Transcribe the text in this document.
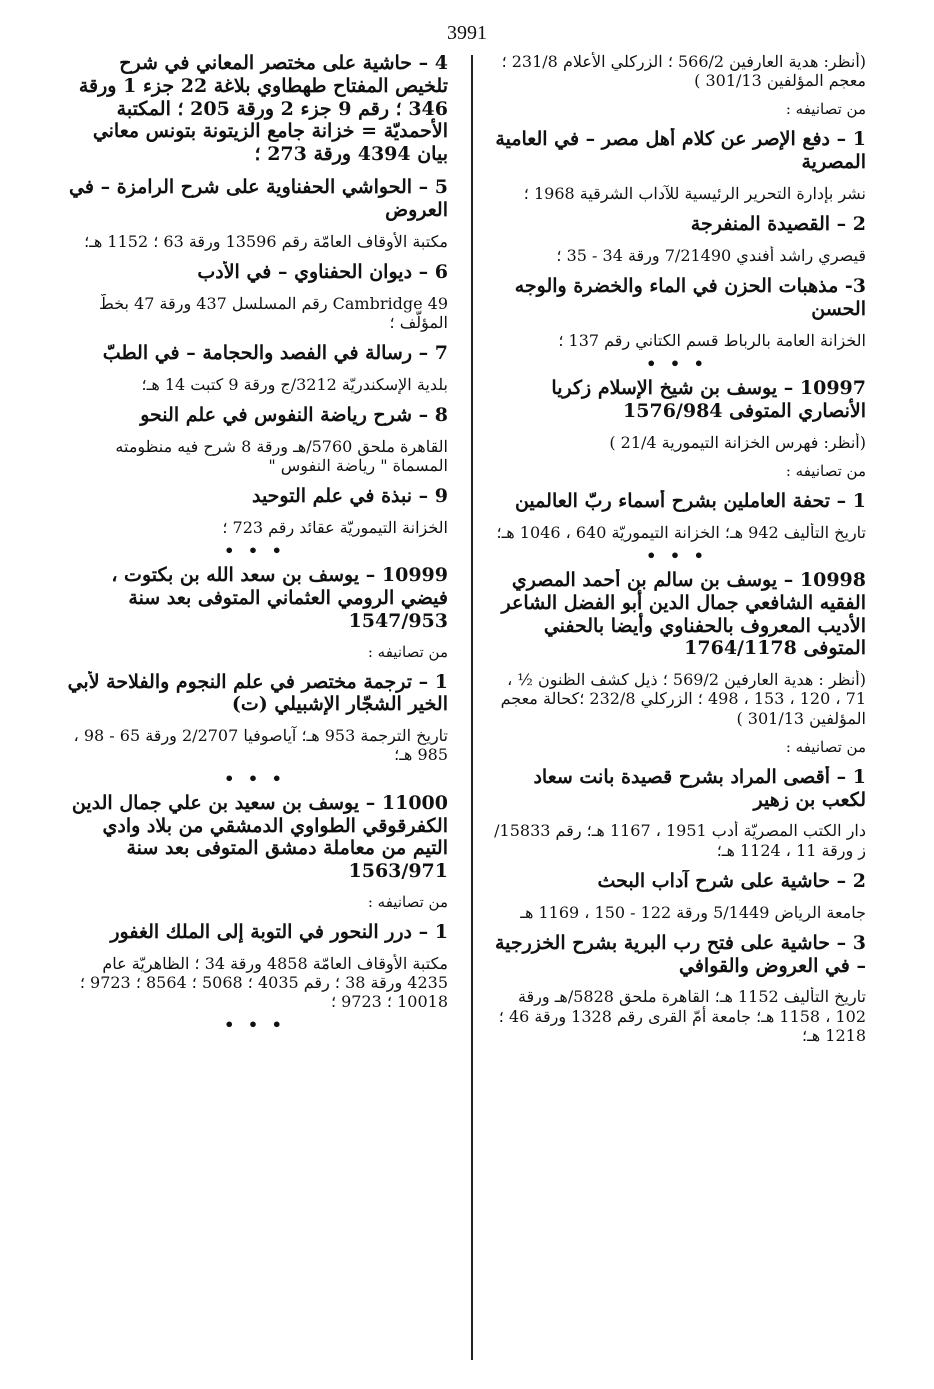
3991
(أنظر: هدية العارفين 566/2 ؛ الزركلي الأعلام 231/8 ؛ معجم المؤلفين 301/13 )
من تصانيفه :
1 – دفع الإصر عن كلام أهل مصر – في العامية المصرية
نشر بإدارة التحرير الرئيسية للآداب الشرقية 1968 ؛
2 – القصيدة المنفرجة
قيصري راشد أفندي 7/21490 ورقة 34 - 35 ؛
3- مذهبات الحزن في الماء والخضرة والوجه الحسن
الخزانة العامة بالرباط قسم الكتاني رقم 137 ؛
• • •
10997 – يوسف بن شيخ الإسلام زكريا الأنصاري المتوفى 1576/984
(أنظر: فهرس الخزانة التيمورية 21/4 )
من تصانيفه :
1 – تحفة العاملين بشرح أسماء ربّ العالمين
تاريخ التأليف 942 هـ؛ الخزانة التيموريّة 640 ، 1046 هـ؛
• • •
10998 – يوسف بن سالم بن أحمد المصري الفقيه الشافعي جمال الدين أبو الفضل الشاعر الأديب المعروف بالحفناوي وأيضا بالحفني المتوفى 1764/1178
(أنظر : هدية العارفين 569/2 ؛ ذيل كشف الظنون ½ ، 71 ، 120 ، 153 ، 498 ؛ الزركلي 232/8 ؛كحالة معجم المؤلفين 301/13 )
من تصانيفه :
1 – أقصى المراد بشرح قصيدة بانت سعاد لكعب بن زهير
دار الكتب المصريّة أدب 1951 ، 1167 هـ؛ رقم 15833/ز ورقة 11 ، 1124 هـ؛
2 – حاشية على شرح آداب البحث
جامعة الرياض 5/1449 ورقة 122 - 150 ، 1169 هـ
3 – حاشية على فتح رب البرية بشرح الخزرجية – في العروض والقوافي
تاريخ التأليف 1152 هـ؛ القاهرة ملحق 5828/هـ ورقة 102 ، 1158 هـ؛ جامعة أمّ القرى رقم 1328 ورقة 46 ؛ 1218 هـ؛
4 – حاشية على مختصر المعاني في شرح تلخيص المفتاح طهطاوي بلاغة 22 جزء 1 ورقة 346 ؛ رقم 9 جزء 2 ورقة 205 ؛ المكتبة الأحمديّة = خزانة جامع الزيتونة بتونس معاني بيان 4394 ورقة 273 ؛
5 – الحواشي الحفناوية على شرح الرامزة – في العروض
مكتبة الأوقاف العامّة رقم 13596 ورقة 63 ؛ 1152 هـ؛
6 – ديوان الحفناوي – في الأدب
Cambridge 49 رقم المسلسل 437 ورقة 47 بخطّ المؤلّف ؛
7 – رسالة في الفصد والحجامة – في الطبّ
بلدية الإسكندريّة 3212/ج ورقة 9 كتبت 14 هـ؛
8 – شرح رياضة النفوس في علم النحو
القاهرة ملحق 5760/هـ ورقة 8 شرح فيه منظومته المسماة " رياضة النفوس "
9 – نبذة في علم التوحيد
الخزانة التيموريّة عقائد رقم 723 ؛
• • •
10999 – يوسف بن سعد الله بن بكتوت ، فيضي الرومي العثماني المتوفى بعد سنة 1547/953
من تصانيفه :
1 – ترجمة مختصر في علم النجوم والفلاحة لأبي الخير الشجّار الإشبيلي (ت)
تاريخ الترجمة 953 هـ؛ آياصوفيا 2/2707 ورقة 65 - 98 ، 985 هـ؛
• • •
11000 – يوسف بن سعيد بن علي جمال الدين الكفرقوقي الطواوي الدمشقي من بلاد وادي التيم من معاملة دمشق المتوفى بعد سنة 1563/971
من تصانيفه :
1 – درر النحور في التوبة إلى الملك الغفور
مكتبة الأوقاف العامّة 4858 ورقة 34 ؛ الظاهريّة عام 4235 ورقة 38 ؛ رقم 4035 ؛ 5068 ؛ 8564 ؛ 9723 ؛ 10018 ؛ 9723 ؛
• • •
